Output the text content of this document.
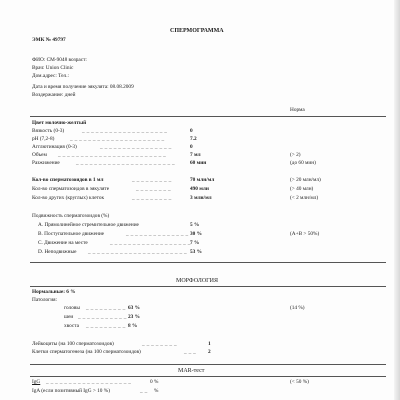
СПЕРМОГРАММА
ЭМК № 49797
ФИО: CM-9048 возраст:
Врач: Union Clinic
Дом.адрес: Тел.:
Дата и время получение эякулята: 08.08.2009
Воздержание: дней
Норма
Цвет молочно-желтый
Вязкость (0-3)	_ _ _ _ _ _ _ _ _ _ _ _ _ _ _ _ _ _ _	0
pH (7,2-8)	_ _ _ _ _ _ _ _ _ _ _ _ _ _ _ _ _ _ _ _ _	7.2
Агглютинация (0-3)	_ _ _ _ _ _ _ _ _ _ _ _ _ _ _ _	0
Объем _ _ _ _ _ _ _ _ _ _ _ _ _ _ _ _ _ _ _ _ _ _ _ _	7 мл	(> 2)
Разжижение	_ _ _ _ _ _ _ _ _ _ _ _ _ _ _ _ _ _ _ _ _ _	60 мин	(до 60 мин)
Кол-во сперматозоидов в 1 мл	_ _ _ _ _ _ _ _ _	70 млн/мл	(> 20 млн/мл)
Кол-во сперматозоидов в эякуляте	_ _ _ _ _ _ _ _	490 млн	(> 40 млн)
Кол-во других (круглых) клеток	_ _ _ _ _ _ _ _ _	3 млн/мл	(< 2 млн/мл)
Подвижность сперматозоидов (%)
А. Прямолинейное стремительное движение	5 %
В. Поступательное движение	_ _ _ _ _ _ _ _ _ _ _ _ _ _ 30 %	(А+В > 50%)
С. Движение на месте	_ _ _ _ _ _ _ _ _ _ _ _ _ _ _ _ _ _ 7 %
D. Неподвижные _ _ _ _ _ _ _ _ _ _ _ _ _ _ _ _ _ _ _ _ _ _ 53 %
МОРФОЛОГИЯ
Нормальные: 6 %
Патология:
(14 %)
головы _ _ _ _ _ _ _ _ _ 63 %
шеи _ _ _ _ _ _ _ _ _ _ _ 23 %
хвоста _ _ _ _ _ _ _ _ _ 8 %
Лейкоциты (на 100 сперматозоидов)	_ _ _ _ _ _ _ _	1
Клетки сперматогенеза (на 100 сперматозоидов)	_ _ _ 2
MAR-тест
IgG _ _ _ _ _ _ _ _ _ _ _ _ _ _ _ _ _ _ _	0 %	(< 50 %)
IgA (если позитивный IgG > 10 %)	_ _ %
